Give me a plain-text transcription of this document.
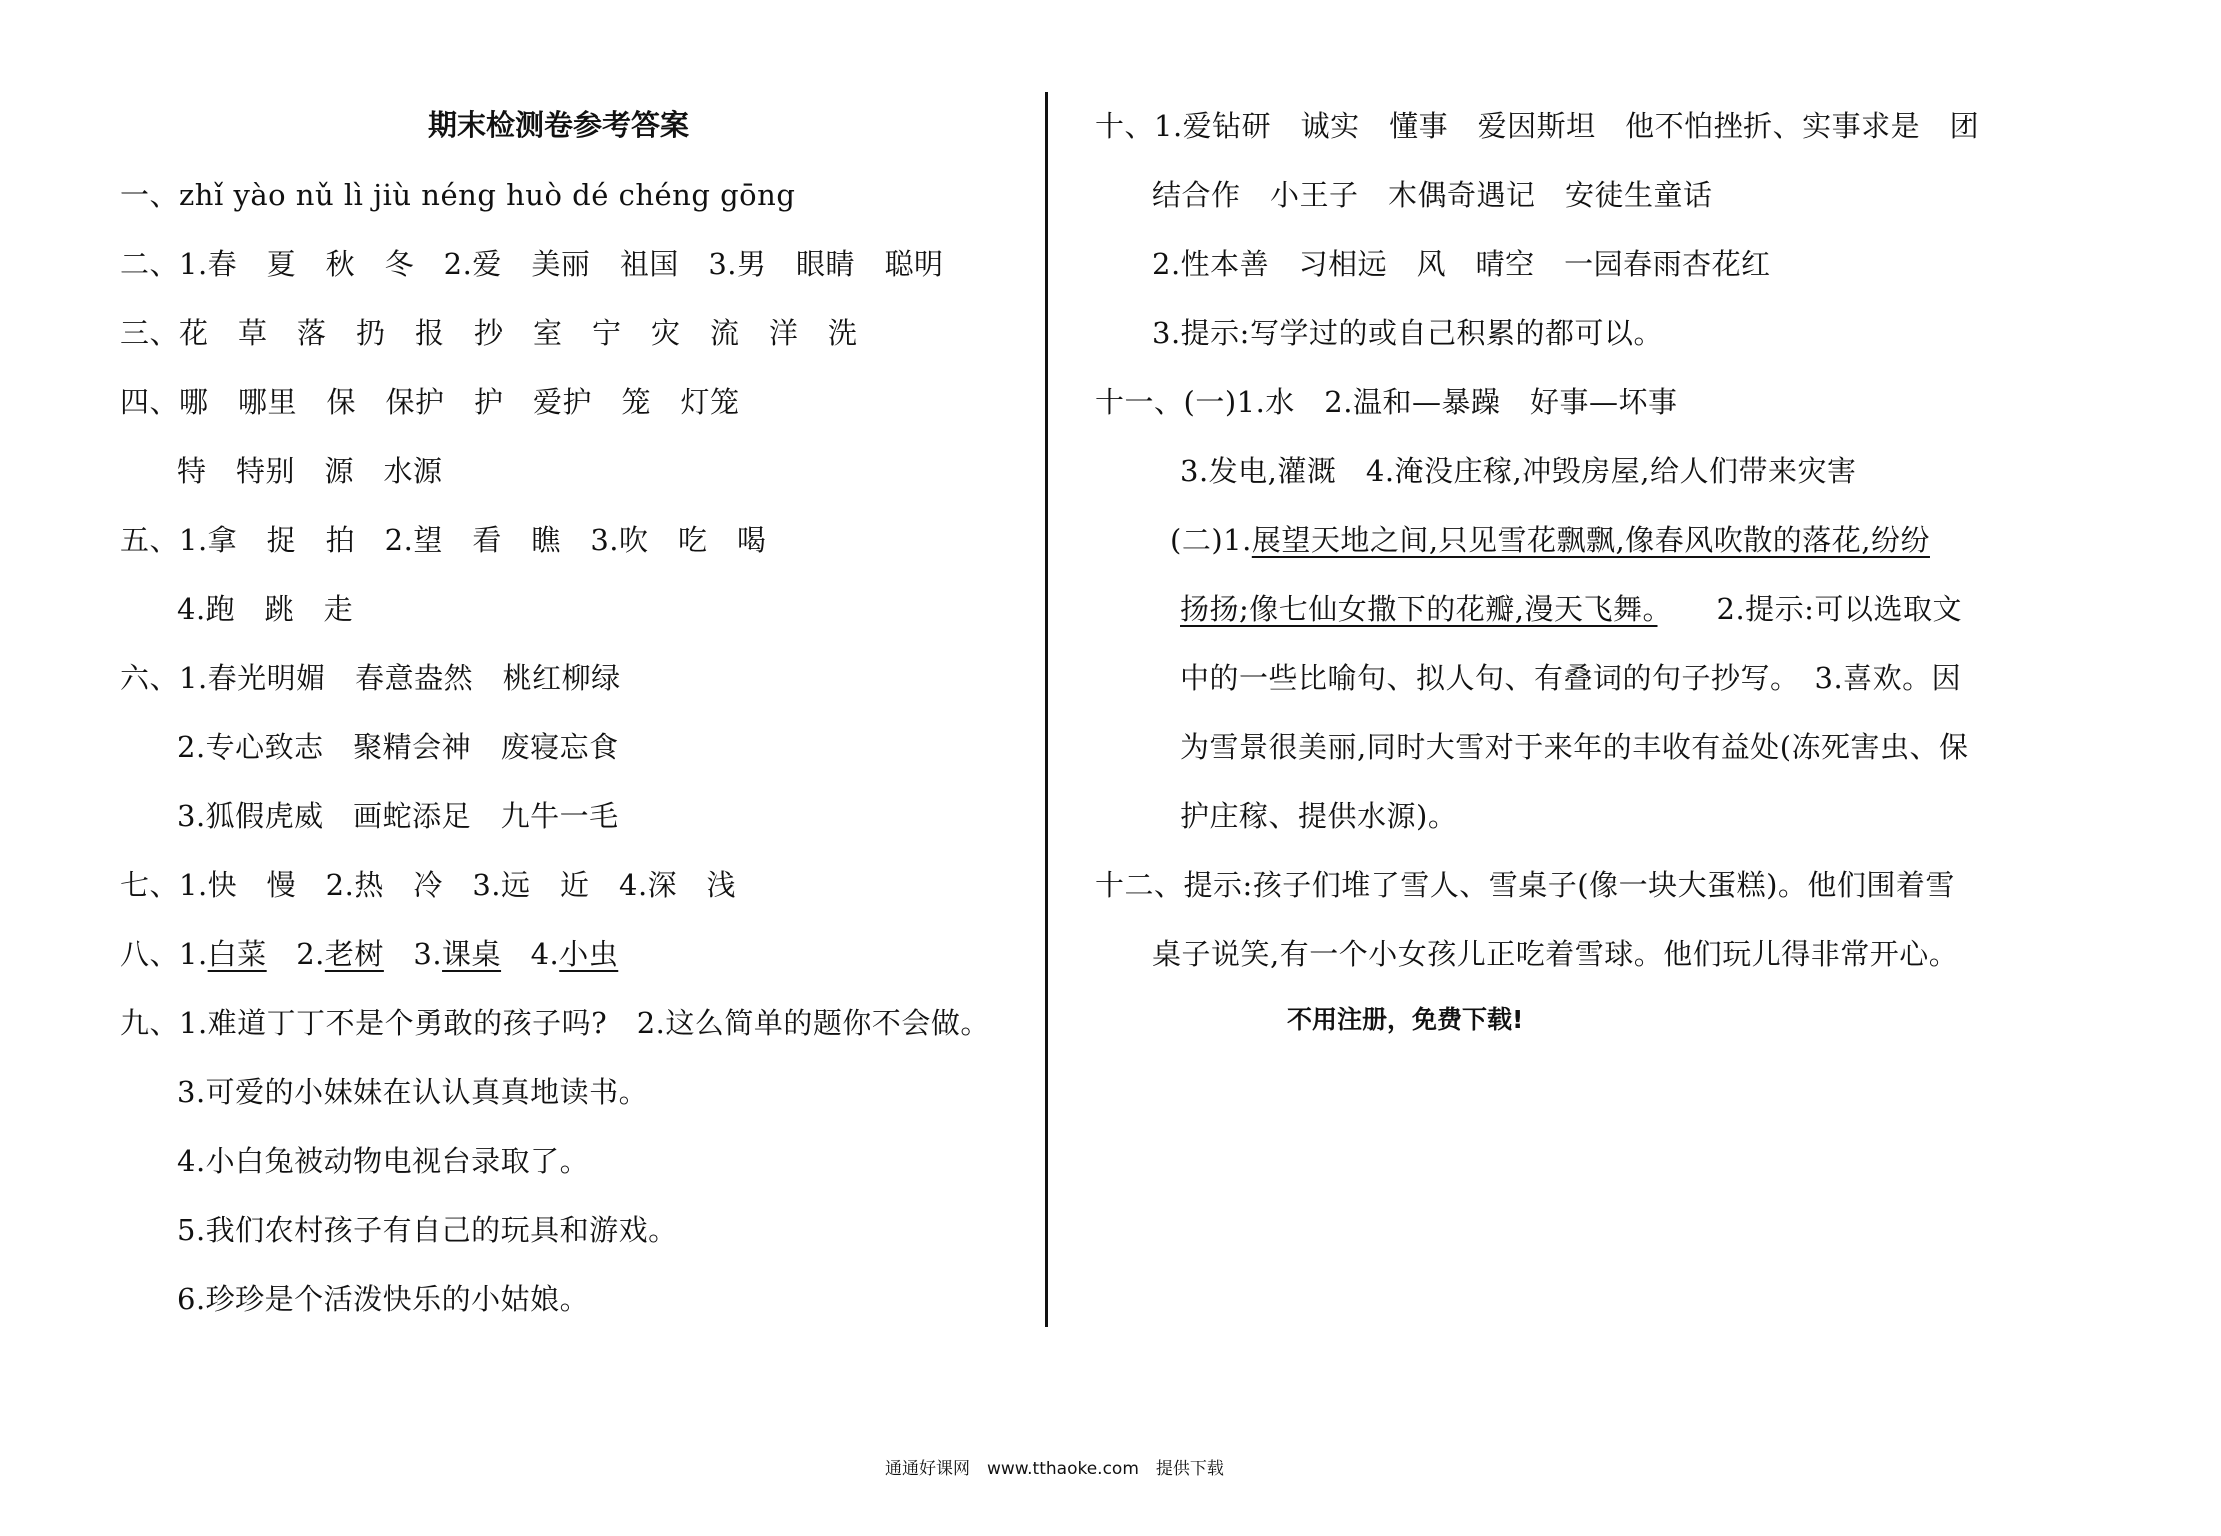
期末检测卷参考答案
一、zhǐ yào nǔ lì jiù néng huò dé chéng gōng
二、1.春　夏　秋　冬　2.爱　美丽　祖国　3.男　眼睛　聪明
三、花　草　落　扔　报　抄　室　宁　灾　流　洋　洗
四、哪　哪里　保　保护　护　爱护　笼　灯笼
特　特别　源　水源
五、1.拿　捉　拍　2.望　看　瞧　3.吹　吃　喝
4.跑　跳　走
六、1.春光明媚　春意盎然　桃红柳绿
2.专心致志　聚精会神　废寝忘食
3.狐假虎威　画蛇添足　九牛一毛
七、1.快　慢　2.热　冷　3.远　近　4.深　浅
八、1.白菜　2.老树　3.课桌　4.小虫
九、1.难道丁丁不是个勇敢的孩子吗?　2.这么简单的题你不会做。
3.可爱的小妹妹在认认真真地读书。
4.小白兔被动物电视台录取了。
5.我们农村孩子有自己的玩具和游戏。
6.珍珍是个活泼快乐的小姑娘。
十、1.爱钻研　诚实　懂事　爱因斯坦　他不怕挫折、实事求是　团
结合作　小王子　木偶奇遇记　安徒生童话
2.性本善　习相远　风　晴空　一园春雨杏花红
3.提示:写学过的或自己积累的都可以。
十一、(一)1.水　2.温和—暴躁　好事—坏事
3.发电,灌溉　4.淹没庄稼,冲毁房屋,给人们带来灾害
(二)1.展望天地之间,只见雪花飘飘,像春风吹散的落花,纷纷
扬扬;像七仙女撒下的花瓣,漫天飞舞。　　2.提示:可以选取文
中的一些比喻句、拟人句、有叠词的句子抄写。　3.喜欢。因
为雪景很美丽,同时大雪对于来年的丰收有益处(冻死害虫、保
护庄稼、提供水源)。
十二、提示:孩子们堆了雪人、雪桌子(像一块大蛋糕)。他们围着雪
桌子说笑,有一个小女孩儿正吃着雪球。他们玩儿得非常开心。
不用注册，免费下载!
通通好课网　www.tthaoke.com　提供下载
